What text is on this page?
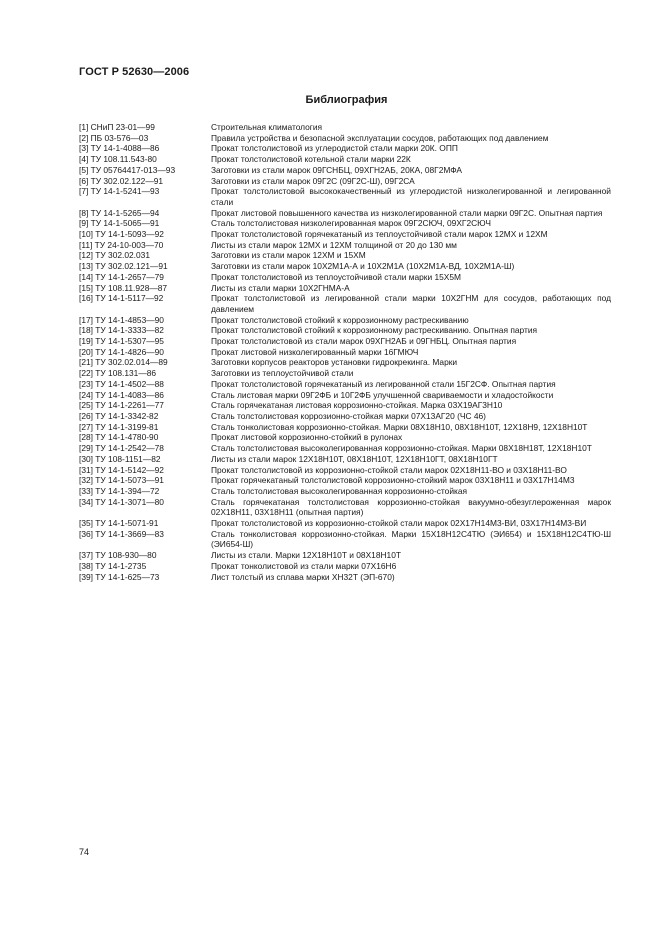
ГОСТ Р 52630—2006
Библиография
[1] СНиП 23-01—99	Строительная климатология
[2] ПБ 03-576—03	Правила устройства и безопасной эксплуатации сосудов, работающих под давлением
[3] ТУ 14-1-4088—86	Прокат толстолистовой из углеродистой стали марки 20К. ОПП
[4] ТУ 108.11.543-80	Прокат толстолистовой котельной стали марки 22К
[5] ТУ 05764417-013—93	Заготовки из стали марок 09ГСНБЦ, 09ХГН2АБ, 20КА, 08Г2МФА
[6] ТУ 302.02.122—91	Заготовки из стали марок 09Г2С (09Г2С-Ш), 09Г2СА
[7] ТУ 14-1-5241—93	Прокат толстолистовой высококачественный из углеродистой низколегированной и легированной стали
[8] ТУ 14-1-5265—94	Прокат листовой повышенного качества из низколегированной стали марки 09Г2С. Опытная партия
[9] ТУ 14-1-5065—91	Сталь толстолистовая низколегированная марок 09Г2СЮЧ, 09ХГ2СЮЧ
[10] ТУ 14-1-5093—92	Прокат толстолистовой горячекатаный из теплоустойчивой стали марок 12МХ и 12ХМ
[11] ТУ 24-10-003—70	Листы из стали марок 12МХ и 12ХМ толщиной от 20 до 130 мм
[12] ТУ 302.02.031	Заготовки из стали марок 12ХМ и 15ХМ
[13] ТУ 302.02.121—91	Заготовки из стали марок 10Х2М1А-А и 10Х2М1А (10Х2М1А-ВД, 10Х2М1А-Ш)
[14] ТУ 14-1-2657—79	Прокат толстолистовой из теплоустойчивой стали марки 15Х5М
[15] ТУ 108.11.928—87	Листы из стали марки 10Х2ГНМА-А
[16] ТУ 14-1-5117—92	Прокат толстолистовой из легированной стали марки 10Х2ГНМ для сосудов, работающих под давлением
[17] ТУ 14-1-4853—90	Прокат толстолистовой стойкий к коррозионному растрескиванию
[18] ТУ 14-1-3333—82	Прокат толстолистовой стойкий к коррозионному растрескиванию. Опытная партия
[19] ТУ 14-1-5307—95	Прокат толстолистовой из стали марок 09ХГН2АБ и 09ГНБЦ. Опытная партия
[20] ТУ 14-1-4826—90	Прокат листовой низколегированный марки 16ГМЮЧ
[21] ТУ 302.02.014—89	Заготовки корпусов реакторов установки гидрокрекинга. Марки
[22] ТУ 108.131—86	Заготовки из теплоустойчивой стали
[23] ТУ 14-1-4502—88	Прокат толстолистовой горячекатаный из легированной стали 15Г2СФ. Опытная партия
[24] ТУ 14-1-4083—86	Сталь листовая марки 09Г2ФБ и 10Г2ФБ улучшенной свариваемости и хладостойкости
[25] ТУ 14-1-2261—77	Сталь горячекатаная листовая коррозионно-стойкая. Марка 03Х19АГ3Н10
[26] ТУ 14-1-3342-82	Сталь толстолистовая коррозионно-стойкая марки 07Х13АГ20 (ЧС 46)
[27] ТУ 14-1-3199-81	Сталь тонколистовая коррозионно-стойкая. Марки 08Х18Н10, 08Х18Н10Т, 12Х18Н9, 12Х18Н10Т
[28] ТУ 14-1-4780-90	Прокат листовой коррозионно-стойкий в рулонах
[29] ТУ 14-1-2542—78	Сталь толстолистовая высоколегированная коррозионно-стойкая. Марки 08Х18Н18Т, 12Х18Н10Т
[30] ТУ 108-1151—82	Листы из стали марок 12Х18Н10Т, 08Х18Н10Т, 12Х18Н10ГТ, 08Х18Н10ГТ
[31] ТУ 14-1-5142—92	Прокат толстолистовой из коррозионно-стойкой стали марок 02Х18Н11-ВО и 03Х18Н11-ВО
[32] ТУ 14-1-5073—91	Прокат горячекатаный толстолистовой коррозионно-стойкий марок 03Х18Н11 и 03Х17Н14М3
[33] ТУ 14-1-394—72	Сталь толстолистовая высоколегированная коррозионно-стойкая
[34] ТУ 14-1-3071—80	Сталь горячекатаная толстолистовая коррозионно-стойкая вакуумно-обезуглероженная марок 02Х18Н11, 03Х18Н11 (опытная партия)
[35] ТУ 14-1-5071-91	Прокат толстолистовой из коррозионно-стойкой стали марок 02Х17Н14М3-ВИ, 03Х17Н14М3-ВИ
[36] ТУ 14-1-3669—83	Сталь тонколистовая коррозионно-стойкая. Марки 15Х18Н12С4ТЮ (ЭИ654) и 15Х18Н12С4ТЮ-Ш (ЭИ654-Ш)
[37] ТУ 108-930—80	Листы из стали. Марки 12Х18Н10Т и 08Х18Н10Т
[38] ТУ 14-1-2735	Прокат тонколистовой из стали марки 07Х16Н6
[39] ТУ 14-1-625—73	Лист толстый из сплава марки ХН32Т (ЭП-670)
74
